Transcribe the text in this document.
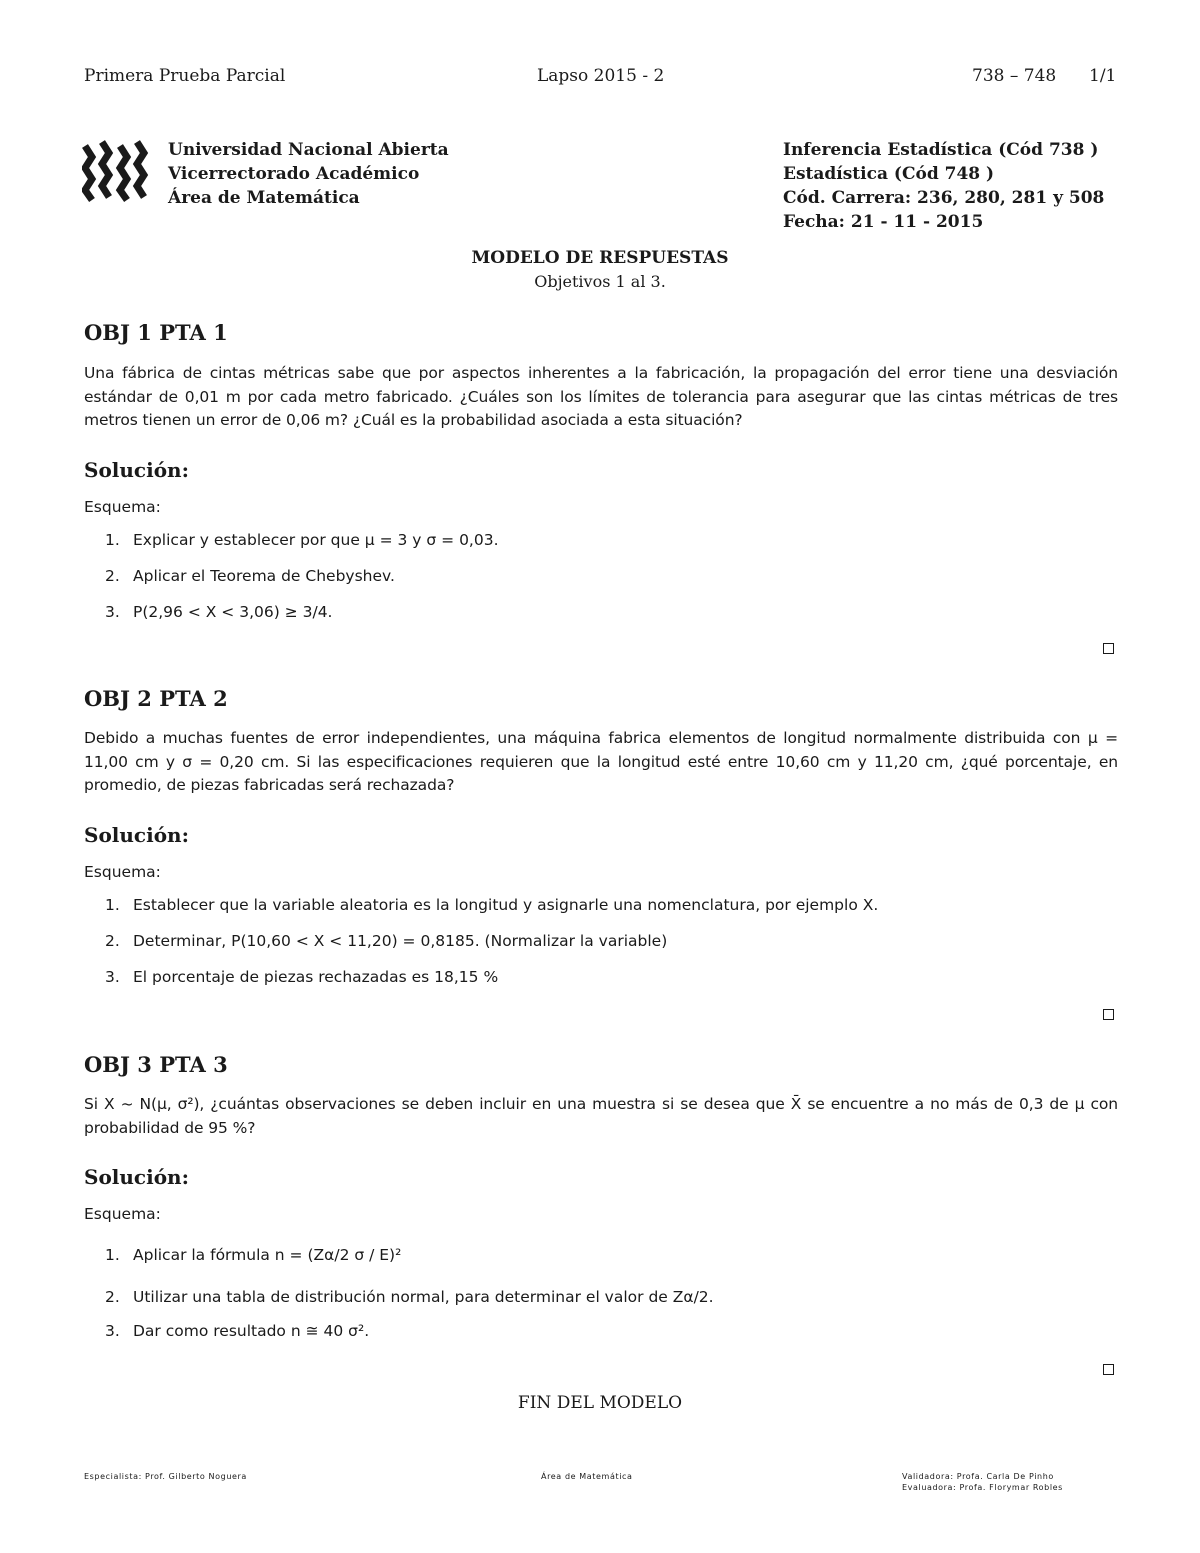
Primera Prueba Parcial	Lapso 2015 - 2	738 – 748 1/1
Universidad Nacional Abierta
Vicerrectorado Académico
Área de Matemática
Inferencia Estadística (Cód 738 )
Estadística (Cód 748 )
Cód. Carrera: 236, 280, 281 y 508
Fecha: 21 - 11 - 2015
MODELO DE RESPUESTAS
Objetivos 1 al 3.
OBJ 1 PTA 1
Una fábrica de cintas métricas sabe que por aspectos inherentes a la fabricación, la propagación del error tiene una desviación estándar de 0,01 m por cada metro fabricado. ¿Cuáles son los límites de tolerancia para asegurar que las cintas métricas de tres metros tienen un error de 0,06 m? ¿Cuál es la probabilidad asociada a esta situación?
Solución:
Esquema:
1. Explicar y establecer por que μ = 3 y σ = 0,03.
2. Aplicar el Teorema de Chebyshev.
3. P(2,96 < X < 3,06) ≥ 3/4.
OBJ 2 PTA 2
Debido a muchas fuentes de error independientes, una máquina fabrica elementos de longitud normalmente distribuida con μ = 11,00 cm y σ = 0,20 cm. Si las especificaciones requieren que la longitud esté entre 10,60 cm y 11,20 cm, ¿qué porcentaje, en promedio, de piezas fabricadas será rechazada?
Solución:
Esquema:
1. Establecer que la variable aleatoria es la longitud y asignarle una nomenclatura, por ejemplo X.
2. Determinar, P(10,60 < X < 11,20) = 0,8185. (Normalizar la variable)
3. El porcentaje de piezas rechazadas es 18,15 %
OBJ 3 PTA 3
Si X ~ N(μ, σ²), ¿cuántas observaciones se deben incluir en una muestra si se desea que X̄ se encuentre a no más de 0,3 de μ con probabilidad de 95 %?
Solución:
Esquema:
1. Aplicar la fórmula n = (Zα/2 σ / E)²
2. Utilizar una tabla de distribución normal, para determinar el valor de Zα/2.
3. Dar como resultado n ≅ 40 σ².
FIN DEL MODELO
Especialista: Prof. Gilberto Noguera	Área de Matemática	Validadora: Profa. Carla De Pinho
Evaluadora: Profa. Florymar Robles
